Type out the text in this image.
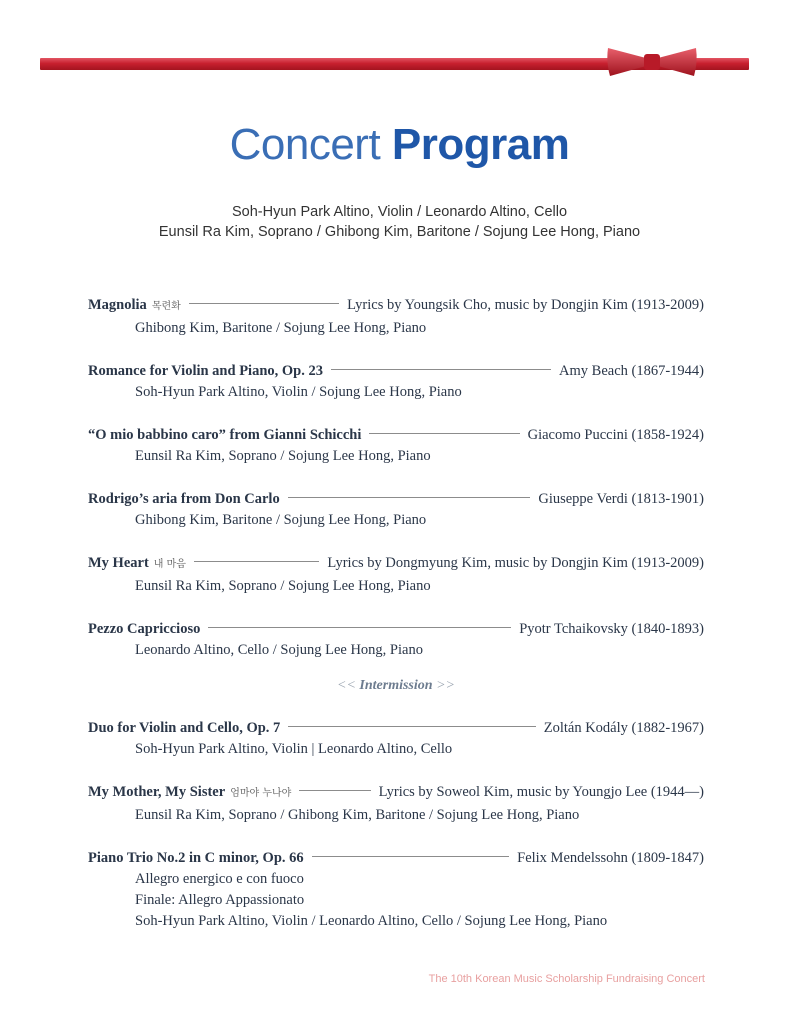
Concert Program
Soh-Hyun Park Altino, Violin / Leonardo Altino, Cello
Eunsil Ra Kim, Soprano / Ghibong Kim, Baritone / Sojung Lee Hong, Piano
Magnolia 목련화	Lyrics by Youngsik Cho, music by Dongjin Kim (1913-2009)
Ghibong Kim, Baritone / Sojung Lee Hong, Piano
Romance for Violin and Piano, Op. 23	Amy Beach (1867-1944)
Soh-Hyun Park Altino, Violin / Sojung Lee Hong, Piano
“O mio babbino caro” from Gianni Schicchi	Giacomo Puccini (1858-1924)
Eunsil Ra Kim, Soprano / Sojung Lee Hong, Piano
Rodrigo’s aria from Don Carlo	Giuseppe Verdi (1813-1901)
Ghibong Kim, Baritone / Sojung Lee Hong, Piano
My Heart 내 마음	Lyrics by Dongmyung Kim, music by Dongjin Kim (1913-2009)
Eunsil Ra Kim, Soprano / Sojung Lee Hong, Piano
Pezzo Capriccioso	Pyotr Tchaikovsky (1840-1893)
Leonardo Altino, Cello / Sojung Lee Hong, Piano
<< Intermission >>
Duo for Violin and Cello, Op. 7	Zoltán Kodály (1882-1967)
Soh-Hyun Park Altino, Violin | Leonardo Altino, Cello
My Mother, My Sister 엄마야 누나야	Lyrics by Soweol Kim, music by Youngjo Lee (1944—)
Eunsil Ra Kim, Soprano / Ghibong Kim, Baritone / Sojung Lee Hong, Piano
Piano Trio No.2 in C minor, Op. 66	Felix Mendelssohn (1809-1847)
Allegro energico e con fuoco
Finale: Allegro Appassionato
Soh-Hyun Park Altino, Violin / Leonardo Altino, Cello / Sojung Lee Hong, Piano
The 10th Korean Music Scholarship Fundraising Concert
